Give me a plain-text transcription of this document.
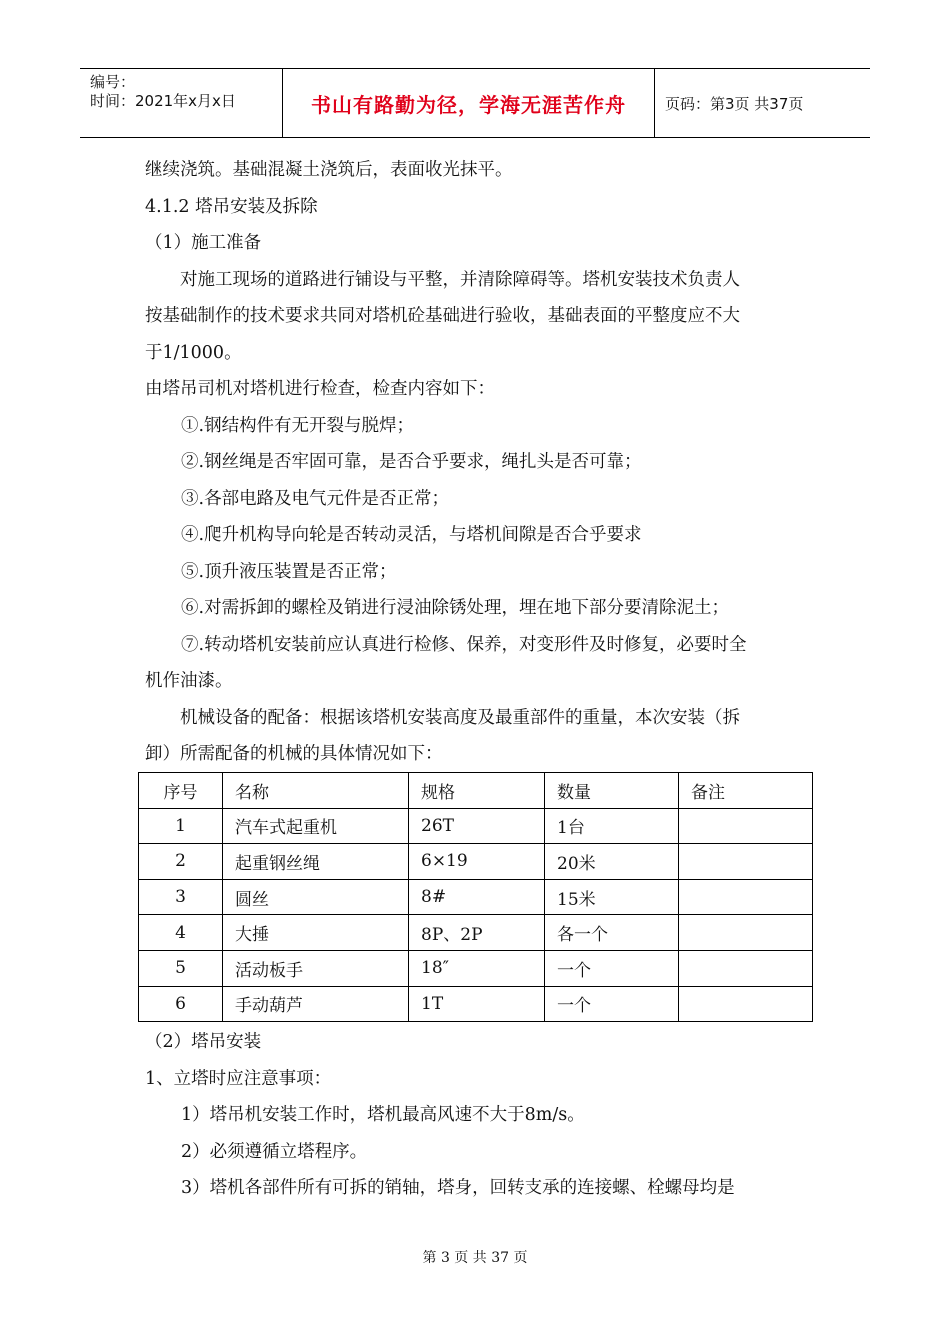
编号：
时间：2021年x月x日	书山有路勤为径，学海无涯苦作舟	页码：第3页 共37页

继续浇筑。基础混凝土浇筑后，表面收光抹平。

4.1.2 塔吊安装及拆除

（1）施工准备

对施工现场的道路进行铺设与平整，并清除障碍等。塔机安装技术负责人

按基础制作的技术要求共同对塔机砼基础进行验收，基础表面的平整度应不大

于1/1000。

由塔吊司机对塔机进行检查，检查内容如下：

①.钢结构件有无开裂与脱焊；

②.钢丝绳是否牢固可靠，是否合乎要求，绳扎头是否可靠；

③.各部电路及电气元件是否正常；

④.爬升机构导向轮是否转动灵活，与塔机间隙是否合乎要求

⑤.顶升液压装置是否正常；

⑥.对需拆卸的螺栓及销进行浸油除锈处理，埋在地下部分要清除泥土；

⑦.转动塔机安装前应认真进行检修、保养，对变形件及时修复，必要时全

机作油漆。

机械设备的配备：根据该塔机安装高度及最重部件的重量，本次安装（拆

卸）所需配备的机械的具体情况如下：

序号	名称	规格	数量	备注
1	汽车式起重机	26T	1台	
2	起重钢丝绳	6×19	20米	
3	圆丝	8#	15米	
4	大捶	8P、2P	各一个	
5	活动板手	18″	一个	
6	手动葫芦	1T	一个	

（2）塔吊安装

1、立塔时应注意事项：

1）塔吊机安装工作时，塔机最高风速不大于8m/s。

2）必须遵循立塔程序。

3）塔机各部件所有可拆的销轴，塔身，回转支承的连接螺、栓螺母均是

第 3 页 共 37 页
